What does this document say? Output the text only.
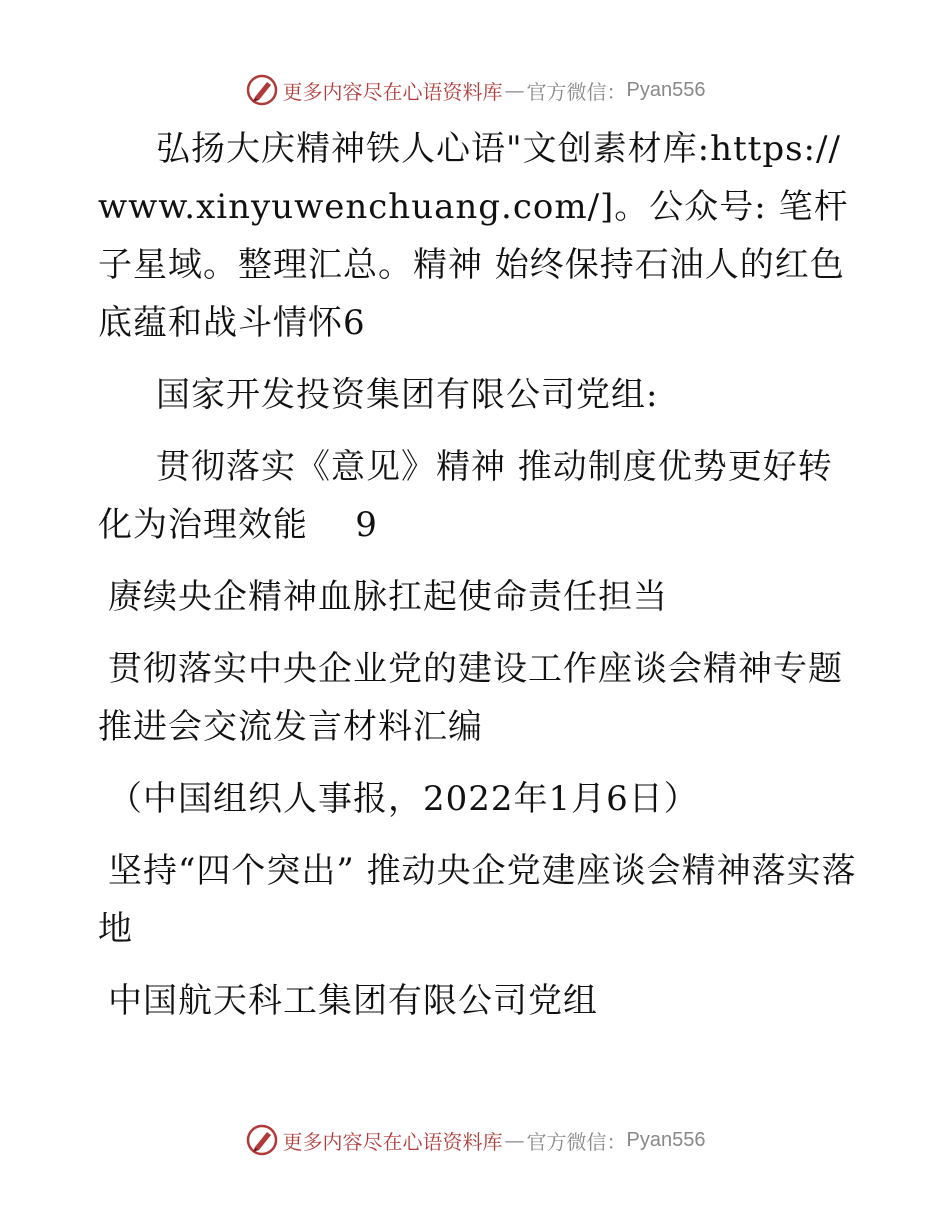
更多内容尽在心语资料库 — 官方微信： Pyan556

弘扬大庆精神铁人心语"文创素材库:https://www.xinyuwenchuang.com/]。公众号: 笔杆子星域。整理汇总。精神 始终保持石油人的红色底蕴和战斗情怀6

国家开发投资集团有限公司党组:

贯彻落实《意见》精神 推动制度优势更好转化为治理效能    9

赓续央企精神血脉扛起使命责任担当

贯彻落实中央企业党的建设工作座谈会精神专题推进会交流发言材料汇编

（中国组织人事报，2022年1月6日）

坚持“四个突出” 推动央企党建座谈会精神落实落地

中国航天科工集团有限公司党组

更多内容尽在心语资料库 — 官方微信： Pyan556
